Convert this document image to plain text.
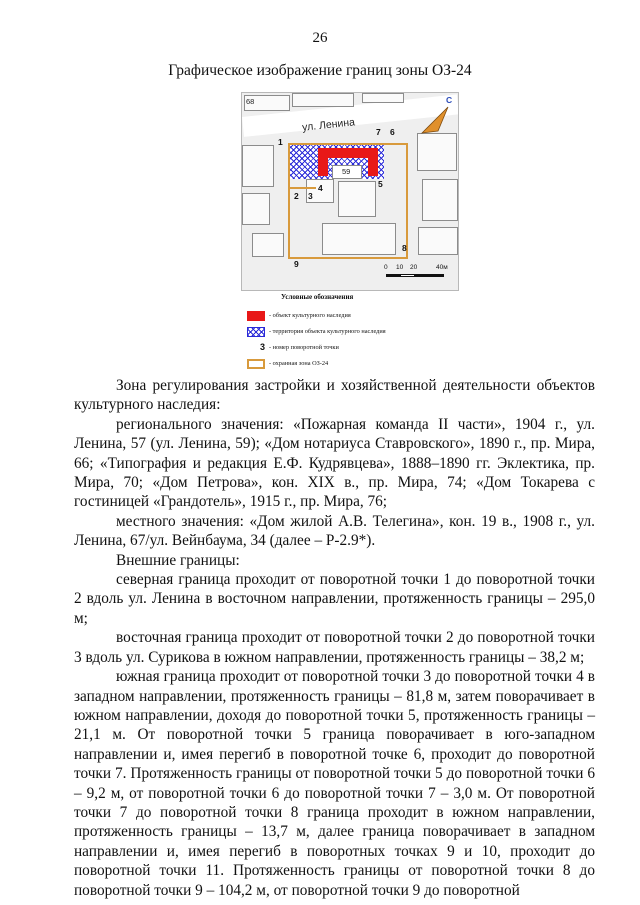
26
Графическое изображение границ зоны ОЗ-24
59
68
ул. Ленина
1
7 6
2 3
4	5
8
9
С
0 10 20	40м
Условные обозначения
- объект культурного наследия
- территория объекта культурного наследия
3 - номер поворотной точки
- охранная зона ОЗ-24

Зона регулирования застройки и хозяйственной деятельности объектов культурного наследия:

регионального значения: «Пожарная команда II части», 1904 г., ул. Ленина, 57 (ул. Ленина, 59); «Дом нотариуса Ставровского», 1890 г., пр. Мира, 66; «Типография и редакция Е.Ф. Кудрявцева», 1888–1890 гг. Эклектика, пр. Мира, 70; «Дом Петрова», кон. XIX в., пр. Мира, 74; «Дом Токарева с гостиницей «Грандотель», 1915 г., пр. Мира, 76;

местного значения: «Дом жилой А.В. Телегина», кон. 19 в., 1908 г., ул. Ленина, 67/ул. Вейнбаума, 34 (далее – Р-2.9*).

Внешние границы:

северная граница проходит от поворотной точки 1 до поворотной точки 2 вдоль ул. Ленина в восточном направлении, протяженность границы – 295,0 м;

восточная граница проходит от поворотной точки 2 до поворотной точки 3 вдоль ул. Сурикова в южном направлении, протяженность границы – 38,2 м;

южная граница проходит от поворотной точки 3 до поворотной точки 4 в западном направлении, протяженность границы – 81,8 м, затем поворачивает в южном направлении, доходя до поворотной точки 5, протяженность границы – 21,1 м. От поворотной точки 5 граница поворачивает в юго-западном направлении и, имея перегиб в поворотной точке 6, проходит до поворотной точки 7. Протяженность границы от поворотной точки 5 до поворотной точки 6 – 9,2 м, от поворотной точки 6 до поворотной точки 7 – 3,0 м. От поворотной точки 7 до поворотной точки 8 граница проходит в южном направлении, протяженность границы – 13,7 м, далее граница поворачивает в западном направлении и, имея перегиб в поворотных точках 9 и 10, проходит до поворотной точки 11. Протяженность границы от поворотной точки 8 до поворотной точки 9 – 104,2 м, от поворотной точки 9 до поворотной
